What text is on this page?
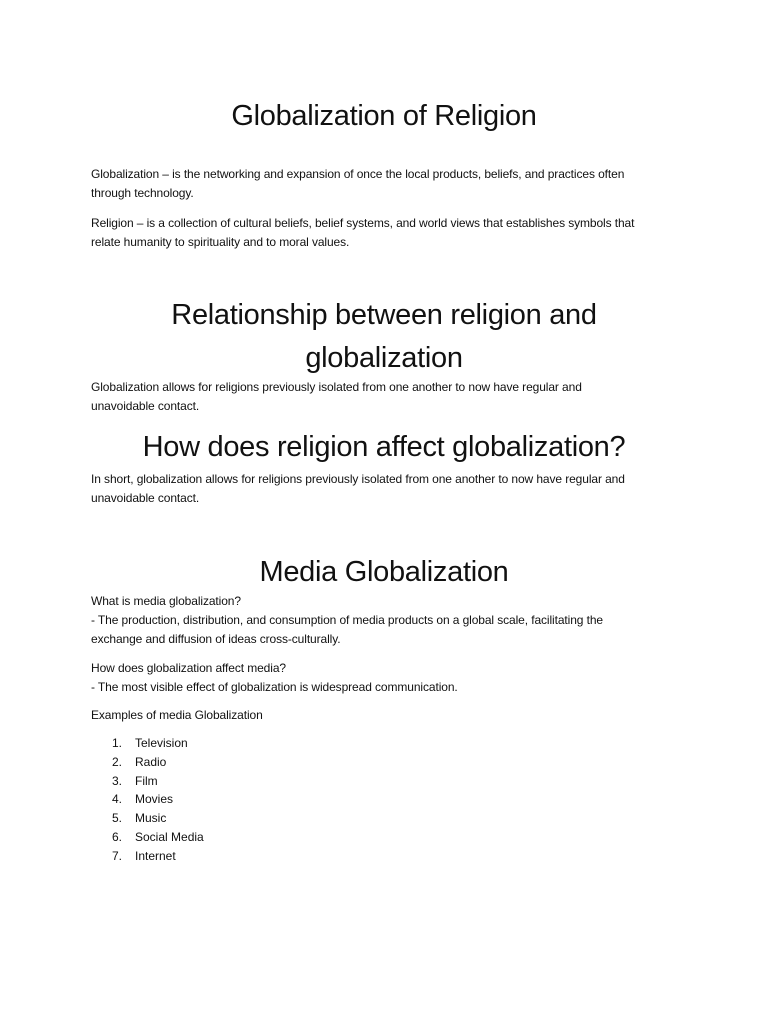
Globalization of Religion

Globalization – is the networking and expansion of once the local products, beliefs, and practices often
through technology.

Religion – is a collection of cultural beliefs, belief systems, and world views that establishes symbols that
relate humanity to spirituality and to moral values.

Relationship between religion and
globalization

Globalization allows for religions previously isolated from one another to now have regular and
unavoidable contact.

How does religion affect globalization?

In short, globalization allows for religions previously isolated from one another to now have regular and
unavoidable contact.

Media Globalization

What is media globalization?
- The production, distribution, and consumption of media products on a global scale, facilitating the
exchange and diffusion of ideas cross-culturally.

How does globalization affect media?
- The most visible effect of globalization is widespread communication.

Examples of media Globalization

1. Television
2. Radio
3. Film
4. Movies
5. Music
6. Social Media
7. Internet
